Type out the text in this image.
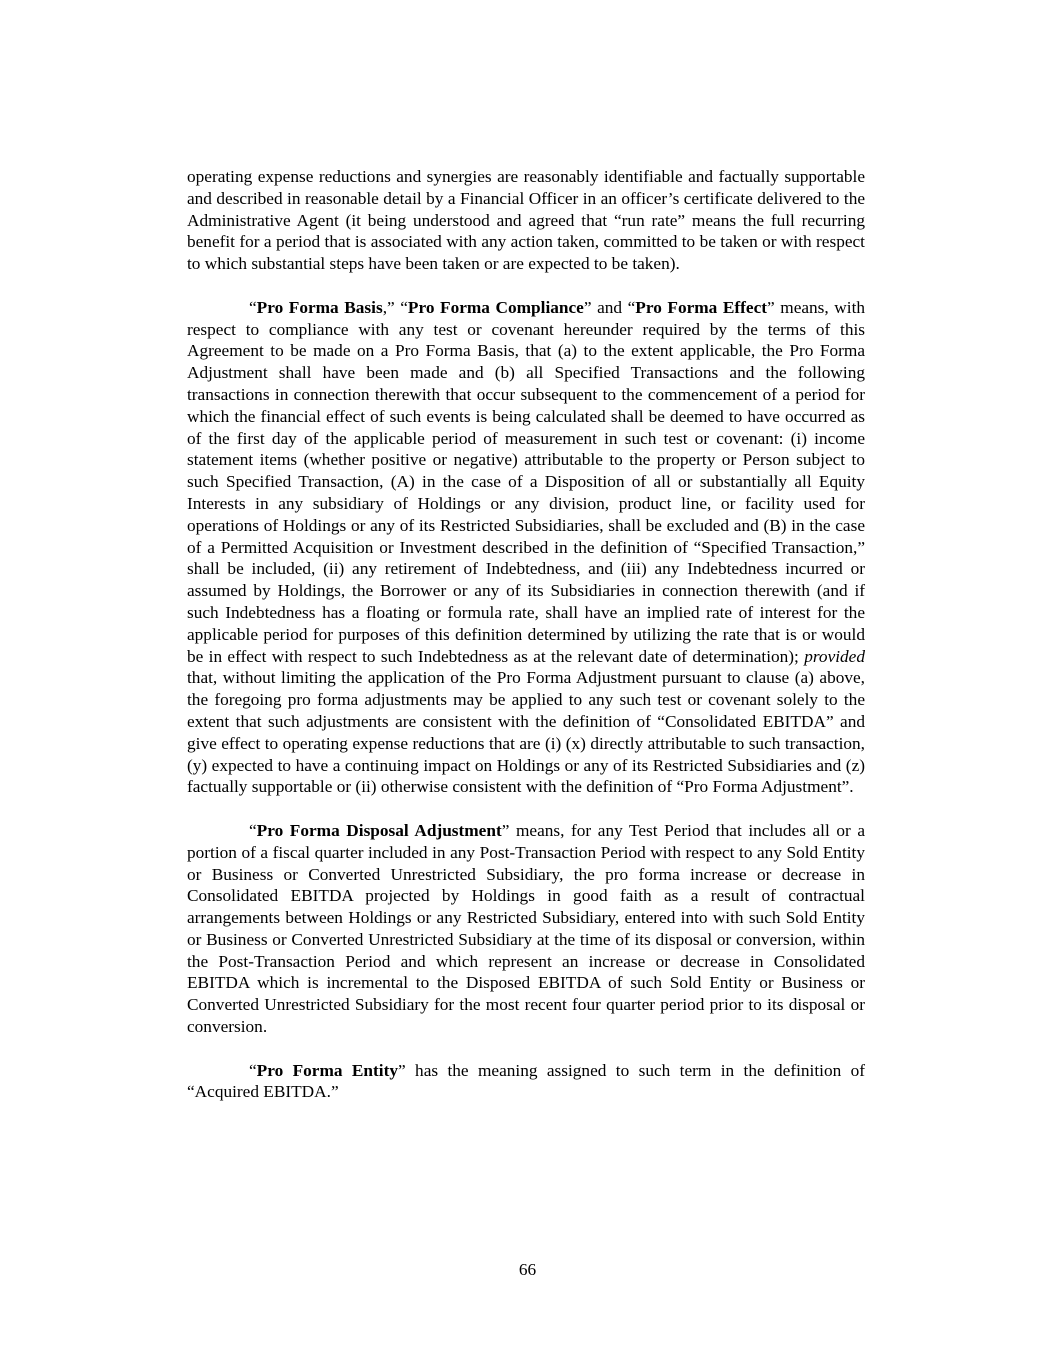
operating expense reductions and synergies are reasonably identifiable and factually supportable and described in reasonable detail by a Financial Officer in an officer’s certificate delivered to the Administrative Agent (it being understood and agreed that “run rate” means the full recurring benefit for a period that is associated with any action taken, committed to be taken or with respect to which substantial steps have been taken or are expected to be taken).

“Pro Forma Basis,” “Pro Forma Compliance” and “Pro Forma Effect” means, with respect to compliance with any test or covenant hereunder required by the terms of this Agreement to be made on a Pro Forma Basis, that (a) to the extent applicable, the Pro Forma Adjustment shall have been made and (b) all Specified Transactions and the following transactions in connection therewith that occur subsequent to the commencement of a period for which the financial effect of such events is being calculated shall be deemed to have occurred as of the first day of the applicable period of measurement in such test or covenant: (i) income statement items (whether positive or negative) attributable to the property or Person subject to such Specified Transaction, (A) in the case of a Disposition of all or substantially all Equity Interests in any subsidiary of Holdings or any division, product line, or facility used for operations of Holdings or any of its Restricted Subsidiaries, shall be excluded and (B) in the case of a Permitted Acquisition or Investment described in the definition of “Specified Transaction,” shall be included, (ii) any retirement of Indebtedness, and (iii) any Indebtedness incurred or assumed by Holdings, the Borrower or any of its Subsidiaries in connection therewith (and if such Indebtedness has a floating or formula rate, shall have an implied rate of interest for the applicable period for purposes of this definition determined by utilizing the rate that is or would be in effect with respect to such Indebtedness as at the relevant date of determination); provided that, without limiting the application of the Pro Forma Adjustment pursuant to clause (a) above, the foregoing pro forma adjustments may be applied to any such test or covenant solely to the extent that such adjustments are consistent with the definition of “Consolidated EBITDA” and give effect to operating expense reductions that are (i) (x) directly attributable to such transaction, (y) expected to have a continuing impact on Holdings or any of its Restricted Subsidiaries and (z) factually supportable or (ii) otherwise consistent with the definition of “Pro Forma Adjustment”.

“Pro Forma Disposal Adjustment” means, for any Test Period that includes all or a portion of a fiscal quarter included in any Post-Transaction Period with respect to any Sold Entity or Business or Converted Unrestricted Subsidiary, the pro forma increase or decrease in Consolidated EBITDA projected by Holdings in good faith as a result of contractual arrangements between Holdings or any Restricted Subsidiary, entered into with such Sold Entity or Business or Converted Unrestricted Subsidiary at the time of its disposal or conversion, within the Post-Transaction Period and which represent an increase or decrease in Consolidated EBITDA which is incremental to the Disposed EBITDA of such Sold Entity or Business or Converted Unrestricted Subsidiary for the most recent four quarter period prior to its disposal or conversion.

“Pro Forma Entity” has the meaning assigned to such term in the definition of “Acquired EBITDA.”

66
